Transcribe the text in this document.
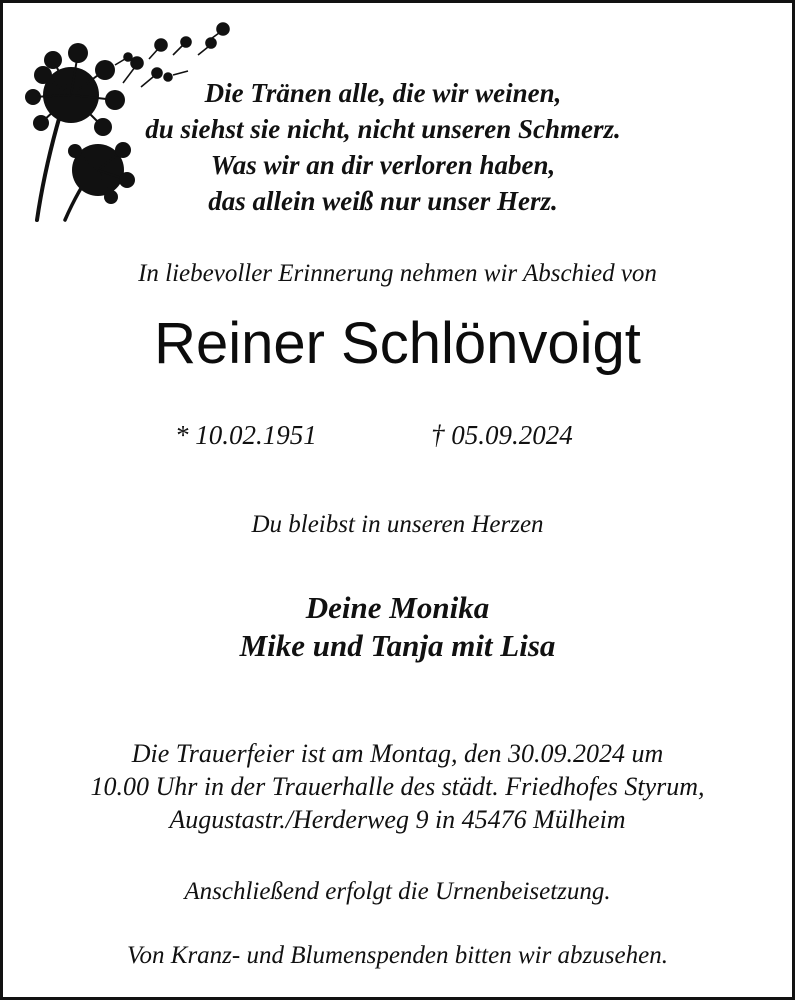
Die Tränen alle, die wir weinen,
du siehst sie nicht, nicht unseren Schmerz.
Was wir an dir verloren haben,
das allein weiß nur unser Herz.
In liebevoller Erinnerung nehmen wir Abschied von
Reiner Schlönvoigt
* 10.02.1951	† 05.09.2024
Du bleibst in unseren Herzen
Deine Monika
Mike und Tanja mit Lisa
Die Trauerfeier ist am Montag, den 30.09.2024 um
10.00 Uhr in der Trauerhalle des städt. Friedhofes Styrum,
Augustastr./Herderweg 9 in 45476 Mülheim
Anschließend erfolgt die Urnenbeisetzung.
Von Kranz- und Blumenspenden bitten wir abzusehen.
